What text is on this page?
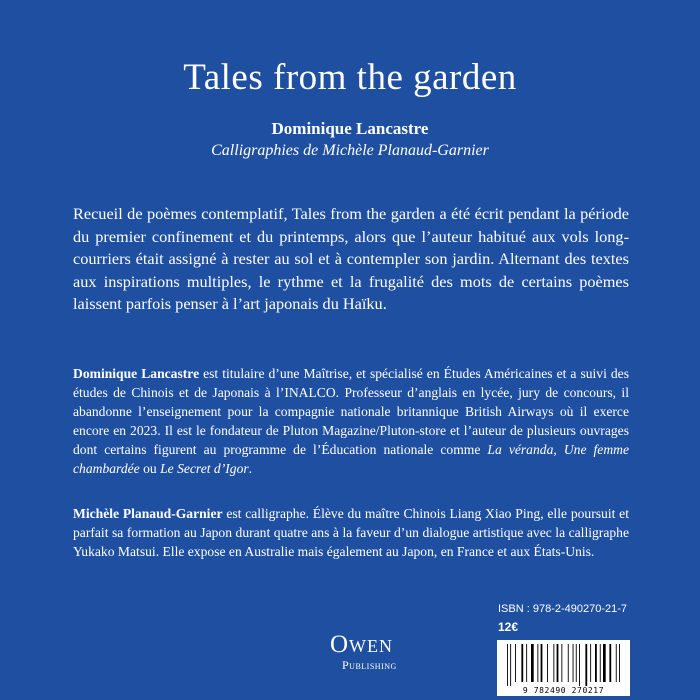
Tales from the garden
Dominique Lancastre
Calligraphies de Michèle Planaud-Garnier
Recueil de poèmes contemplatif, Tales from the garden a été écrit pendant la période du premier confinement et du printemps, alors que l’auteur habitué aux vols long-courriers était assigné à rester au sol et à contempler son jardin. Alternant des textes aux inspirations multiples, le rythme et la frugalité des mots de certains poèmes laissent parfois penser à l’art japonais du Haïku.
Dominique Lancastre est titulaire d’une Maîtrise, et spécialisé en Études Américaines et a suivi des études de Chinois et de Japonais à l’INALCO. Professeur d’anglais en lycée, jury de concours, il abandonne l’enseignement pour la compagnie nationale britannique British Airways où il exerce encore en 2023. Il est le fondateur de Pluton Magazine/Pluton-store et l’auteur de plusieurs ouvrages dont certains figurent au programme de l’Éducation nationale comme La véranda, Une femme chambardée ou Le Secret d’Igor.
Michèle Planaud-Garnier est calligraphe. Élève du maître Chinois Liang Xiao Ping, elle poursuit et parfait sa formation au Japon durant quatre ans à la faveur d’un dialogue artistique avec la calligraphe Yukako Matsui. Elle expose en Australie mais également au Japon, en France et aux États-Unis.
Owen
Publishing
ISBN : 978-2-490270-21-7
12€
9 782490 270217
